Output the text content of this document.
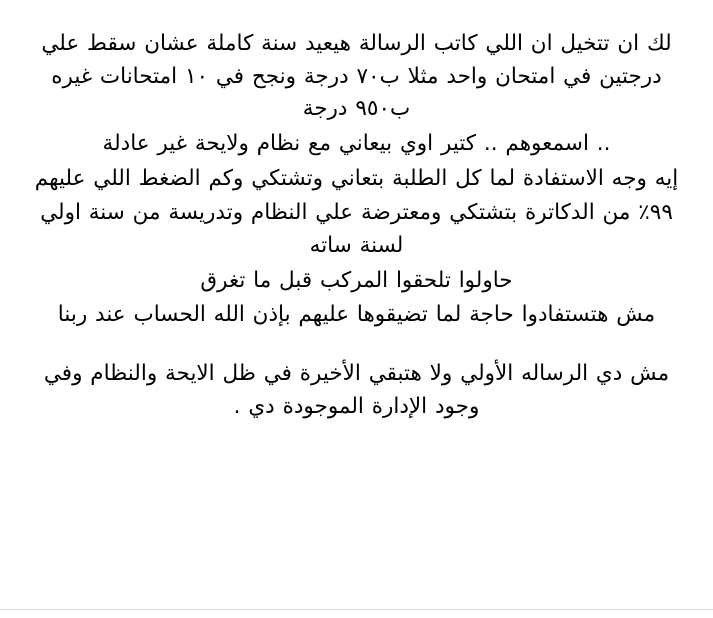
لك ان تتخيل ان اللي كاتب الرسالة هيعيد سنة كاملة عشان سقط علي درجتين في امتحان واحد مثلا ب٧٠ درجة ونجح في ١٠ امتحانات غيره ب٩٥٠ درجة

.. اسمعوهم .. كتير اوي بيعاني مع نظام ولايحة غير عادلة

إيه وجه الاستفادة لما كل الطلبة بتعاني وتشتكي وكم الضغط اللي عليهم

٩٩٪ من الدكاترة بتشتكي ومعترضة علي النظام وتدريسة من سنة اولي لسنة ساته

حاولوا تلحقوا المركب قبل ما تغرق

مش هتستفادوا حاجة لما تضيقوها عليهم بإذن الله الحساب عند ربنا

مش دي الرساله الأولي ولا هتبقي الأخيرة في ظل الايحة والنظام وفي وجود الإدارة الموجودة دي .
